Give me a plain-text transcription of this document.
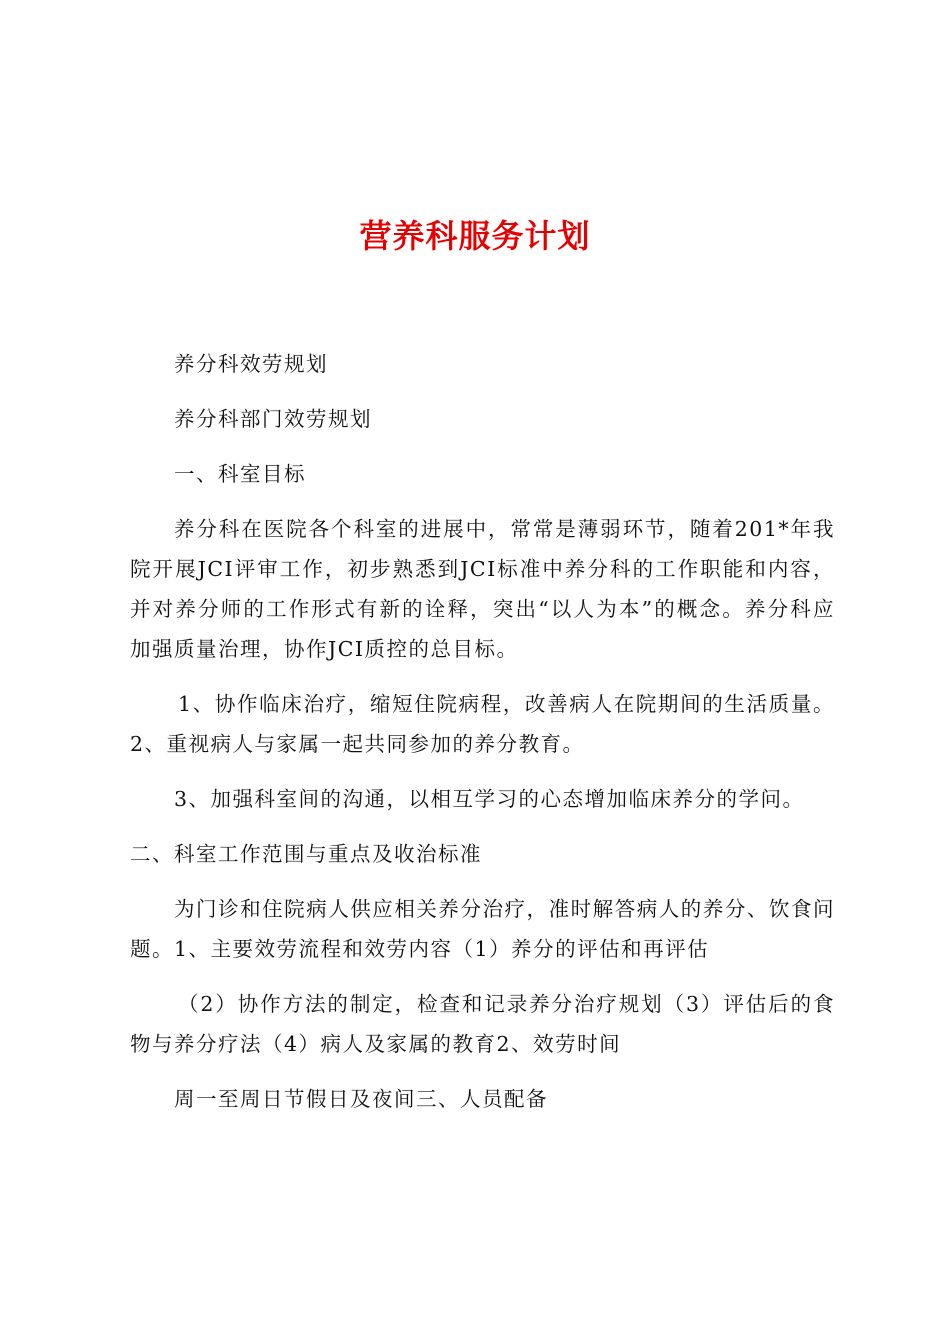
营养科服务计划

养分科效劳规划

养分科部门效劳规划

一、科室目标

养分科在医院各个科室的进展中，常常是薄弱环节，随着201*年我院开展JCI评审工作，初步熟悉到JCI标准中养分科的工作职能和内容，并对养分师的工作形式有新的诠释，突出“以人为本”的概念。养分科应加强质量治理，协作JCI质控的总目标。

1、协作临床治疗，缩短住院病程，改善病人在院期间的生活质量。2、重视病人与家属一起共同参加的养分教育。

3、加强科室间的沟通，以相互学习的心态增加临床养分的学问。

二、科室工作范围与重点及收治标准

为门诊和住院病人供应相关养分治疗，准时解答病人的养分、饮食问题。1、主要效劳流程和效劳内容（1）养分的评估和再评估

（2）协作方法的制定，检查和记录养分治疗规划（3）评估后的食物与养分疗法（4）病人及家属的教育2、效劳时间

周一至周日节假日及夜间三、人员配备
